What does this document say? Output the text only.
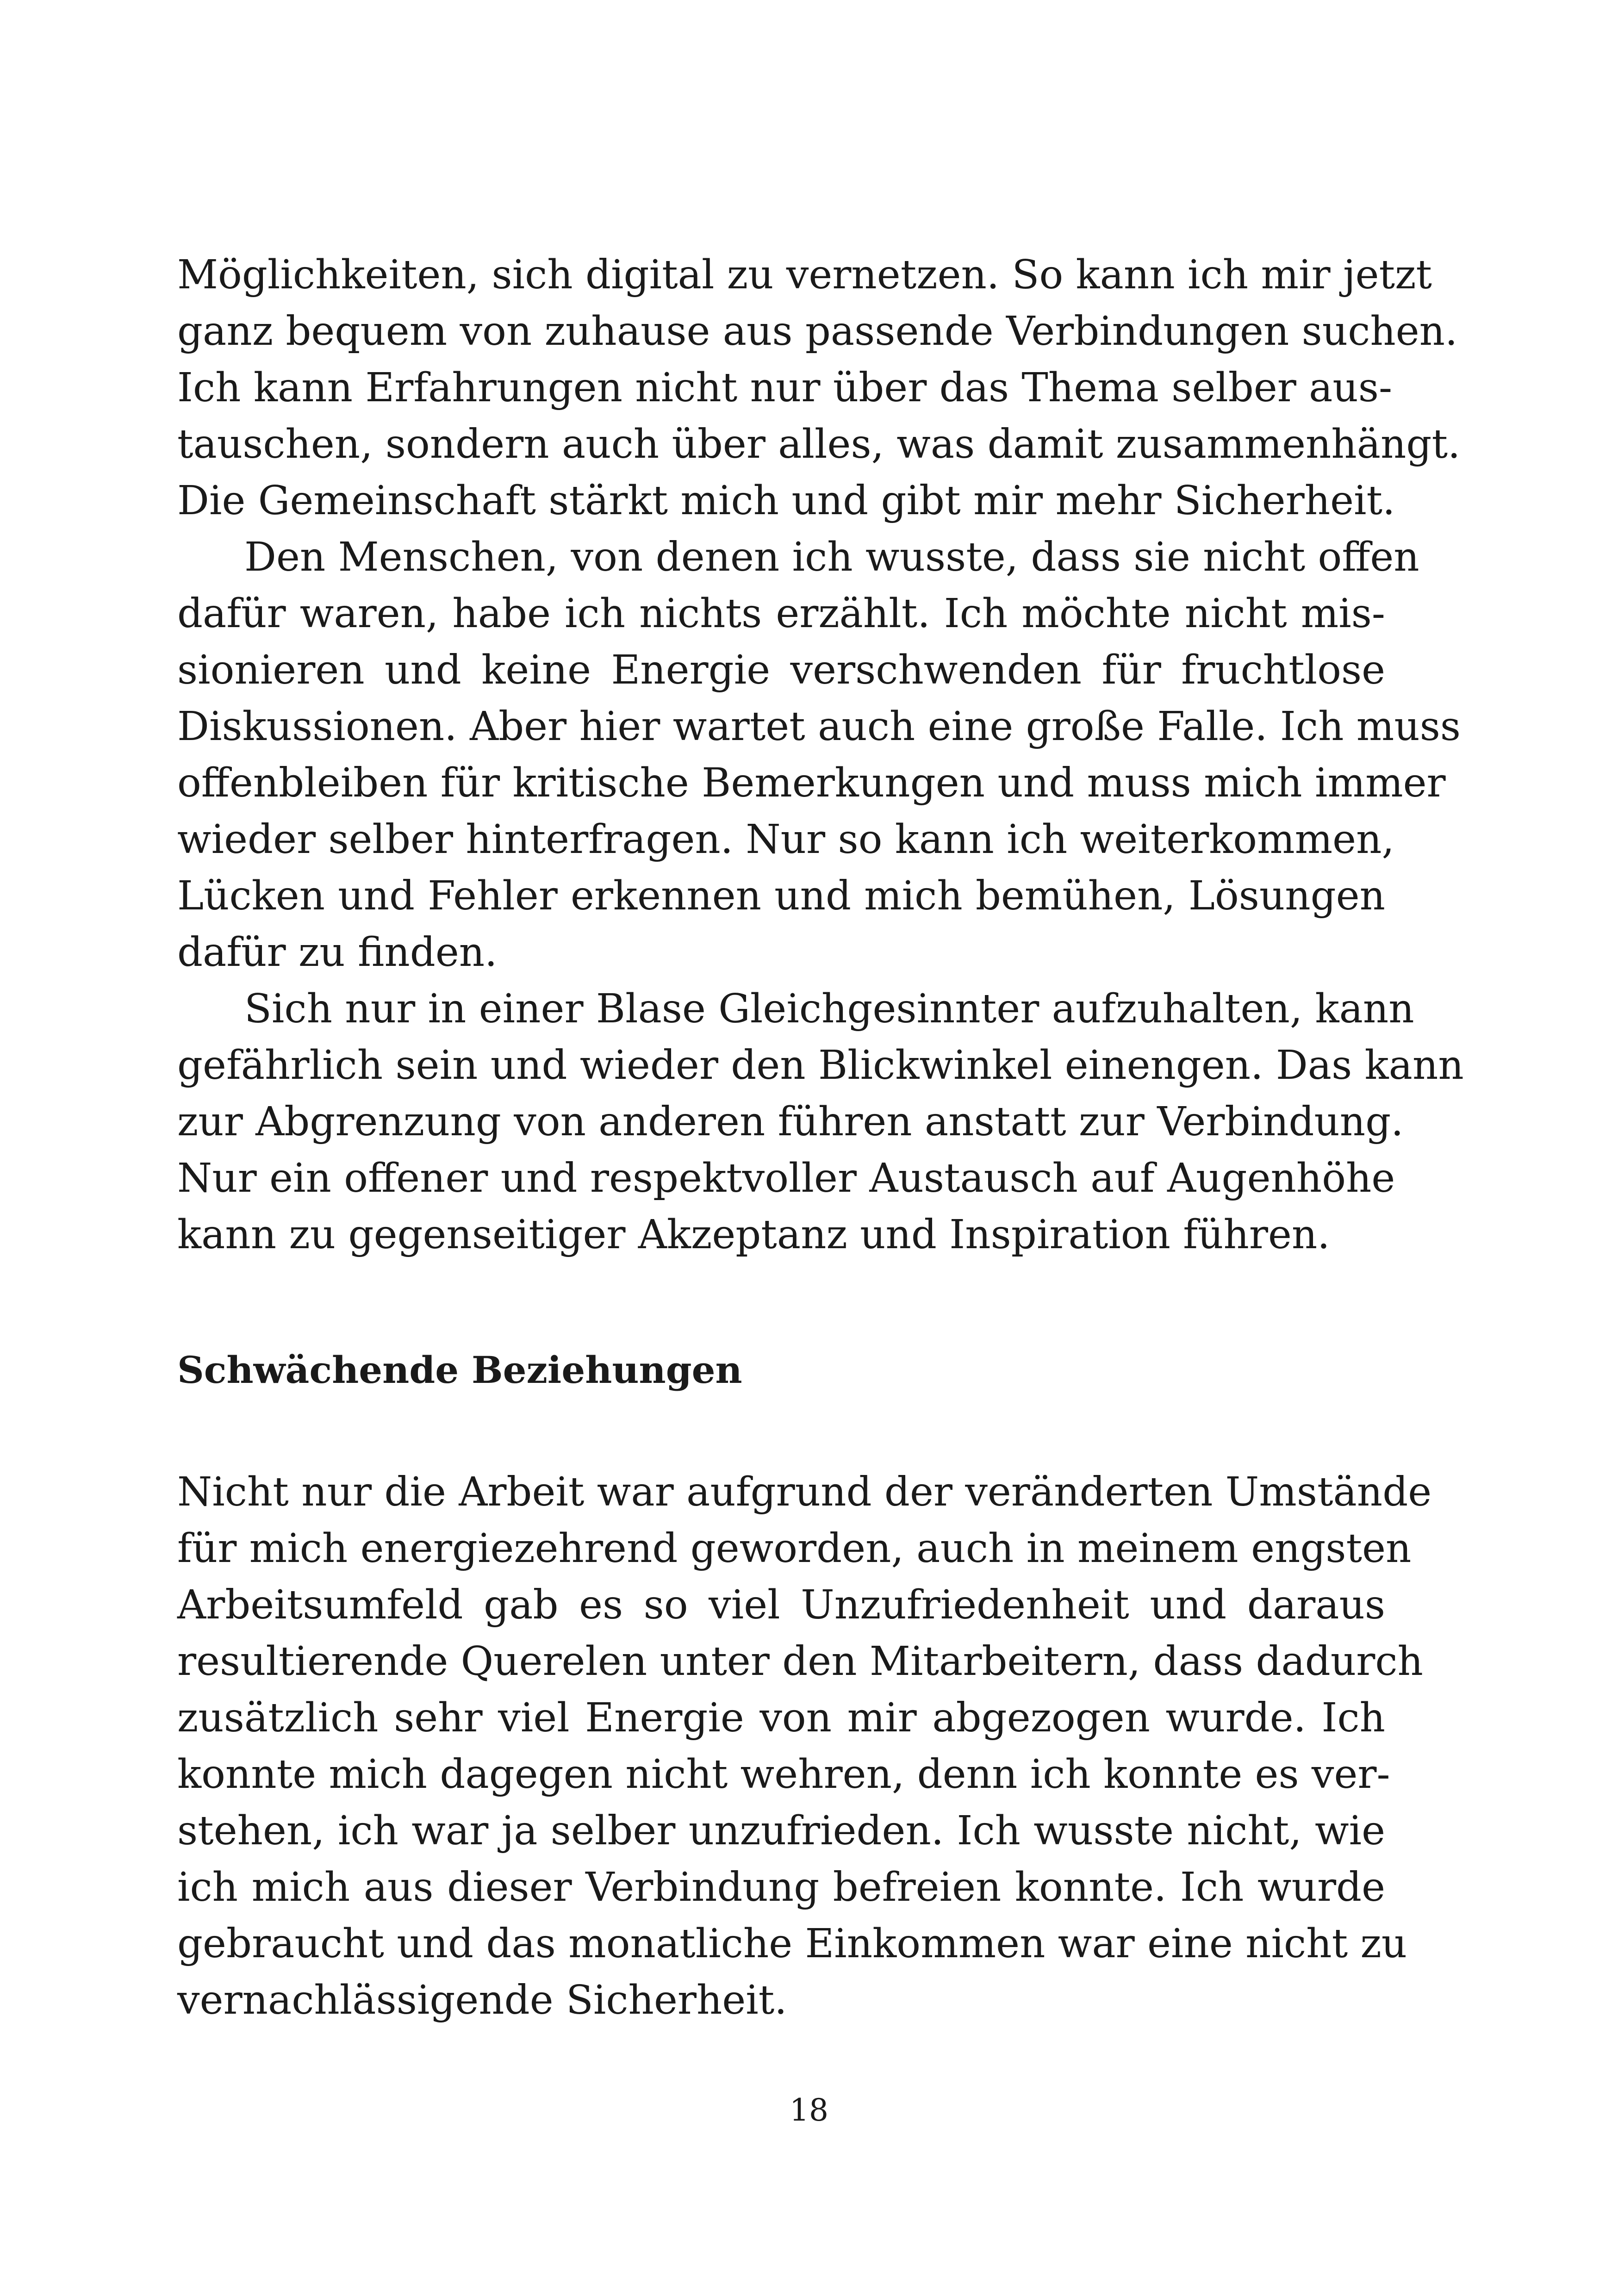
Möglichkeiten, sich digital zu vernetzen. So kann ich mir jetzt
ganz bequem von zuhause aus passende Verbindungen suchen.
Ich kann Erfahrungen nicht nur über das Thema selber aus-
tauschen, sondern auch über alles, was damit zusammenhängt.
Die Gemeinschaft stärkt mich und gibt mir mehr Sicherheit.
Den Menschen, von denen ich wusste, dass sie nicht offen
dafür waren, habe ich nichts erzählt. Ich möchte nicht mis-
sionieren und keine Energie verschwenden für fruchtlose
Diskussionen. Aber hier wartet auch eine große Falle. Ich muss
offenbleiben für kritische Bemerkungen und muss mich immer
wieder selber hinterfragen. Nur so kann ich weiterkommen,
Lücken und Fehler erkennen und mich bemühen, Lösungen
dafür zu finden.
Sich nur in einer Blase Gleichgesinnter aufzuhalten, kann
gefährlich sein und wieder den Blickwinkel einengen. Das kann
zur Abgrenzung von anderen führen anstatt zur Verbindung.
Nur ein offener und respektvoller Austausch auf Augenhöhe
kann zu gegenseitiger Akzeptanz und Inspiration führen.
Schwächende Beziehungen
Nicht nur die Arbeit war aufgrund der veränderten Umstände
für mich energiezehrend geworden, auch in meinem engsten
Arbeitsumfeld gab es so viel Unzufriedenheit und daraus
resultierende Querelen unter den Mitarbeitern, dass dadurch
zusätzlich sehr viel Energie von mir abgezogen wurde. Ich
konnte mich dagegen nicht wehren, denn ich konnte es ver-
stehen, ich war ja selber unzufrieden. Ich wusste nicht, wie
ich mich aus dieser Verbindung befreien konnte. Ich wurde
gebraucht und das monatliche Einkommen war eine nicht zu
vernachlässigende Sicherheit.
18
